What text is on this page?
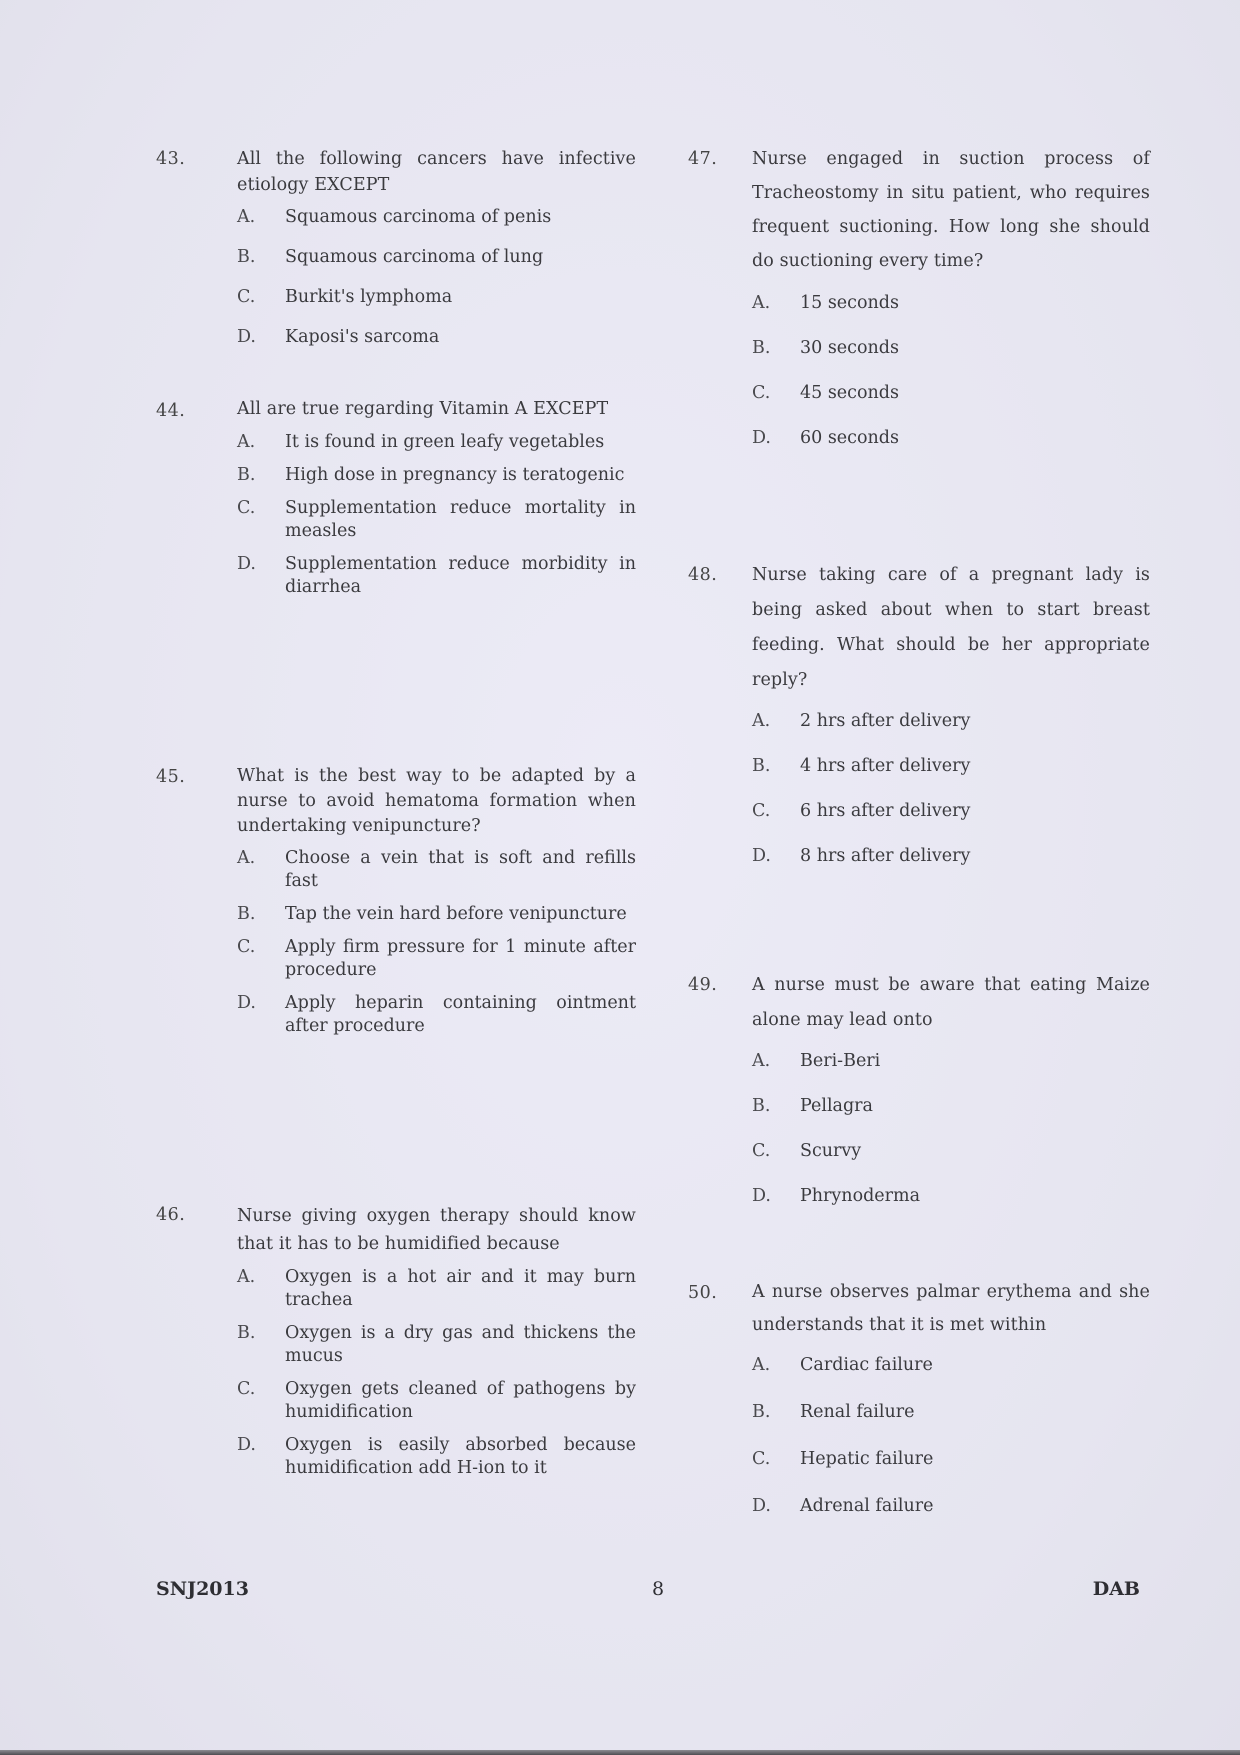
43.	All the following cancers have infective etiology EXCEPT
A.	Squamous carcinoma of penis
B.	Squamous carcinoma of lung
C.	Burkit's lymphoma
D.	Kaposi's sarcoma
44.	All are true regarding Vitamin A EXCEPT
A.	It is found in green leafy vegetables
B.	High dose in pregnancy is teratogenic
C.	Supplementation reduce mortality in measles
D.	Supplementation reduce morbidity in diarrhea
45.	What is the best way to be adapted by a nurse to avoid hematoma formation when undertaking venipuncture?
A.	Choose a vein that is soft and refills fast
B.	Tap the vein hard before venipuncture
C.	Apply firm pressure for 1 minute after procedure
D.	Apply heparin containing ointment after procedure
46.	Nurse giving oxygen therapy should know that it has to be humidified because
A.	Oxygen is a hot air and it may burn trachea
B.	Oxygen is a dry gas and thickens the mucus
C.	Oxygen gets cleaned of pathogens by humidification
D.	Oxygen is easily absorbed because humidification add H-ion to it
47. Nurse engaged in suction process of Tracheostomy in situ patient, who requires frequent suctioning. How long she should do suctioning every time?
A.	15 seconds
B.	30 seconds
C.	45 seconds
D.	60 seconds
48. Nurse taking care of a pregnant lady is being asked about when to start breast feeding. What should be her appropriate reply?
A.	2 hrs after delivery
B.	4 hrs after delivery
C.	6 hrs after delivery
D.	8 hrs after delivery
49. A nurse must be aware that eating Maize alone may lead onto
A.	Beri-Beri
B.	Pellagra
C.	Scurvy
D.	Phrynoderma
50. A nurse observes palmar erythema and she understands that it is met within
A.	Cardiac failure
B.	Renal failure
C.	Hepatic failure
D.	Adrenal failure
SNJ2013	8	DAB
